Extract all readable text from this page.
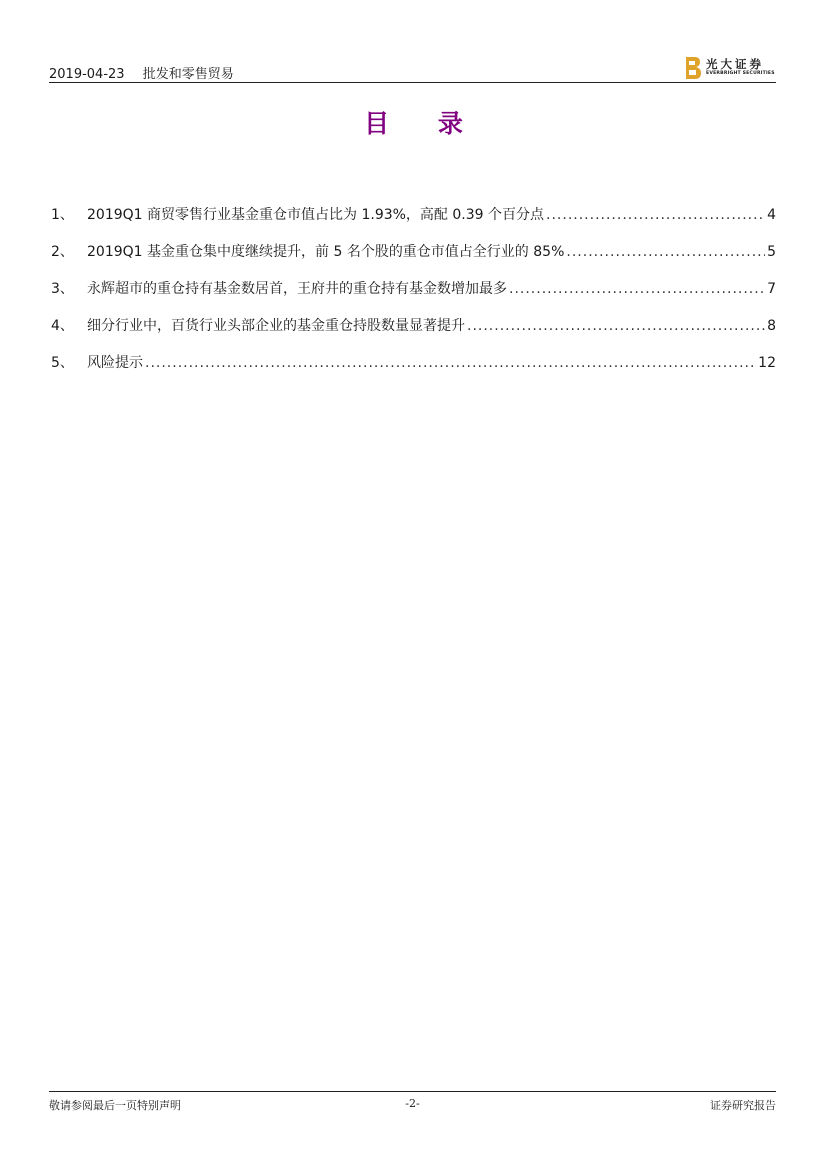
2019-04-23 批发和零售贸易
光大证券
EVERBRIGHT SECURITIES
目 录
1、 2019Q1 商贸零售行业基金重仓市值占比为 1.93%，高配 0.39 个百分点 .....	4
2、 2019Q1 基金重仓集中度继续提升，前 5 名个股的重仓市值占全行业的 85% .....	5
3、 永辉超市的重仓持有基金数居首，王府井的重仓持有基金数增加最多 .....	7
4、 细分行业中，百货行业头部企业的基金重仓持股数量显著提升 .....	8
5、 风险提示 .....	12
敬请参阅最后一页特别声明	-2-	证券研究报告
